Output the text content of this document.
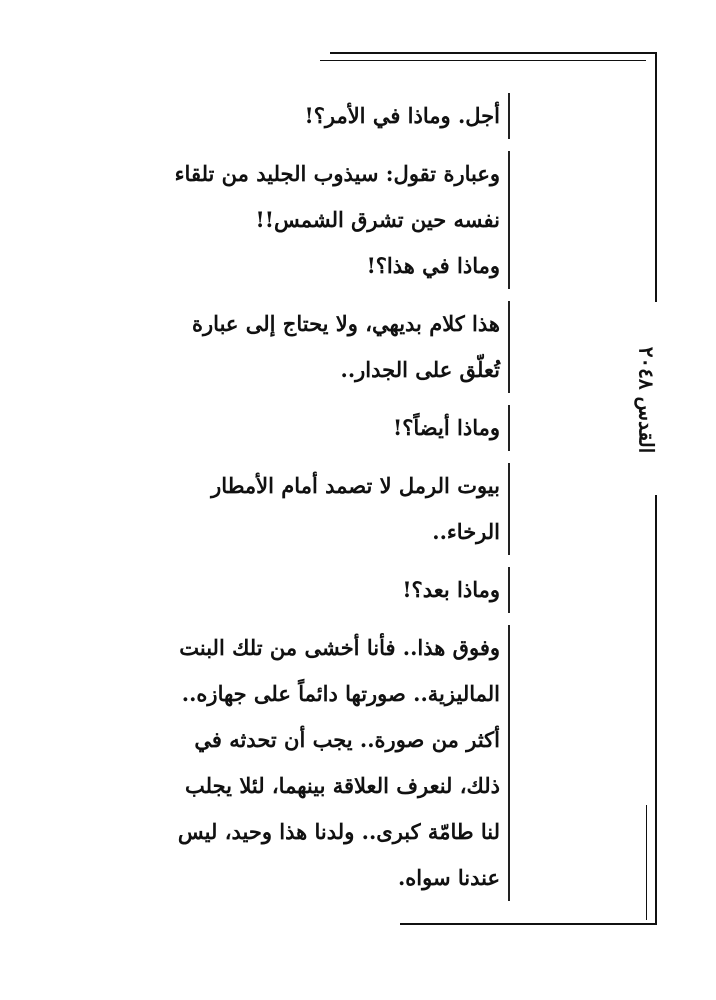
القدس ٢٠٤٨
أجل. وماذا في الأمر؟!
وعبارة تقول: سيذوب الجليد من تلقاء
نفسه حين تشرق الشمس!!
وماذا في هذا؟!
هذا كلام بديهي، ولا يحتاج إلى عبارة
تُعلّق على الجدار..
وماذا أيضاً؟!
بيوت الرمل لا تصمد أمام الأمطار
الرخاء..
وماذا بعد؟!
وفوق هذا.. فأنا أخشى من تلك البنت
الماليزية.. صورتها دائماً على جهازه..
أكثر من صورة.. يجب أن تحدثه في
ذلك، لنعرف العلاقة بينهما، لئلا يجلب
لنا طامّة كبرى.. ولدنا هذا وحيد، ليس
عندنا سواه.
